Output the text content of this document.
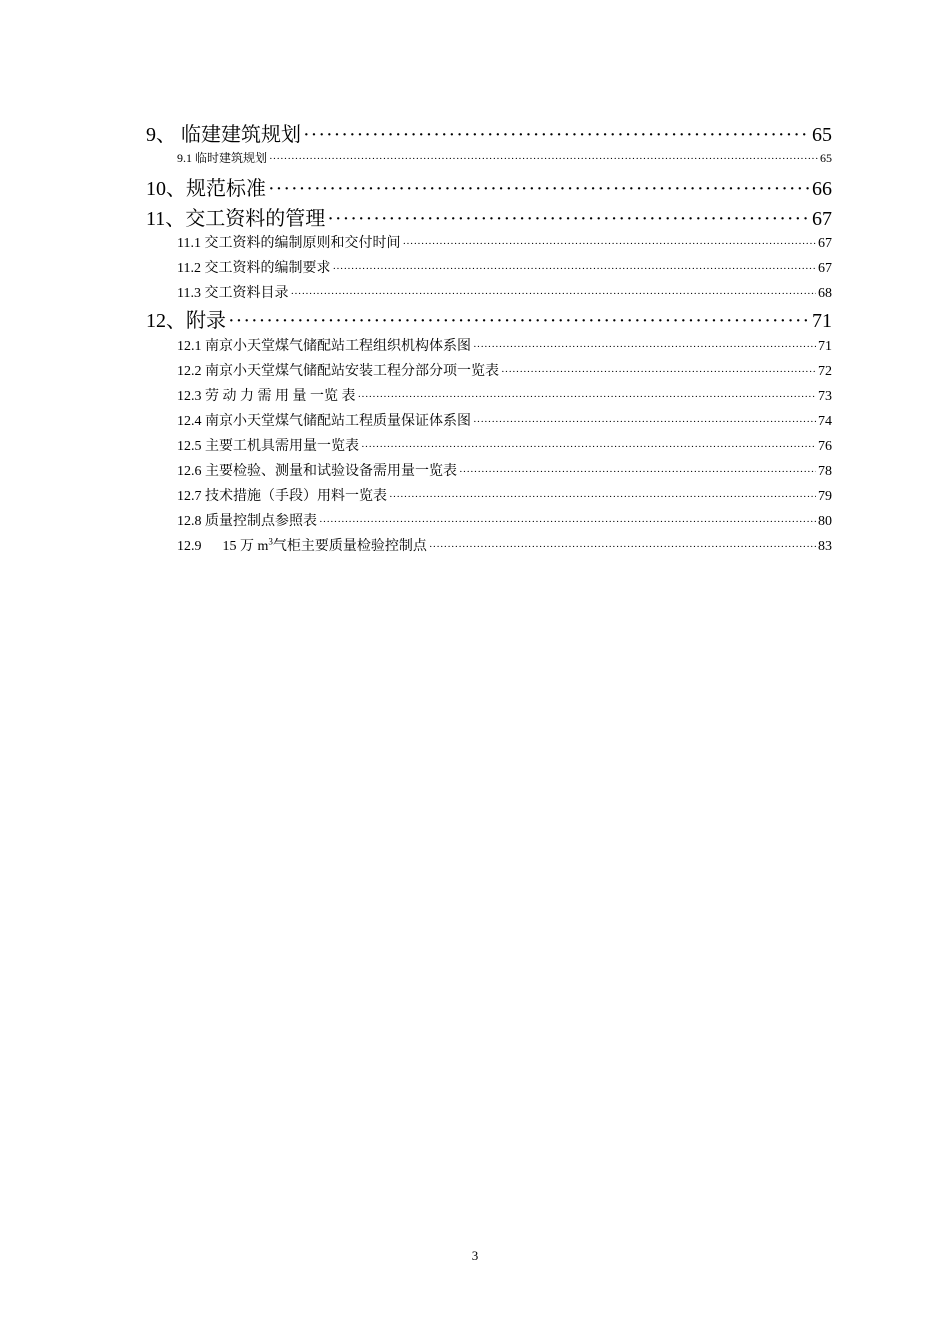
9、 临建建筑规划 ·····	65
9.1 临时建筑规划 ·····	65
10、规范标准 ·····	66
11、交工资料的管理 ·····	67
11.1 交工资料的编制原则和交付时间 ·····	67
11.2 交工资料的编制要求 ·····	67
11.3 交工资料目录 ·····	68
12、附录 ·····	71
12.1 南京小天堂煤气储配站工程组织机构体系图 ·····	71
12.2 南京小天堂煤气储配站安装工程分部分项一览表 ·····	72
12.3 劳 动 力 需 用 量 一览 表 ·····	73
12.4 南京小天堂煤气储配站工程质量保证体系图 ·····	74
12.5 主要工机具需用量一览表 ·····	76
12.6 主要检验、测量和试验设备需用量一览表 ·····	78
12.7 技术措施（手段）用料一览表 ·····	79
12.8 质量控制点参照表 ·····	80
12.9      15 万 $m^3$气柜主要质量检验控制点 ·····	83
3
